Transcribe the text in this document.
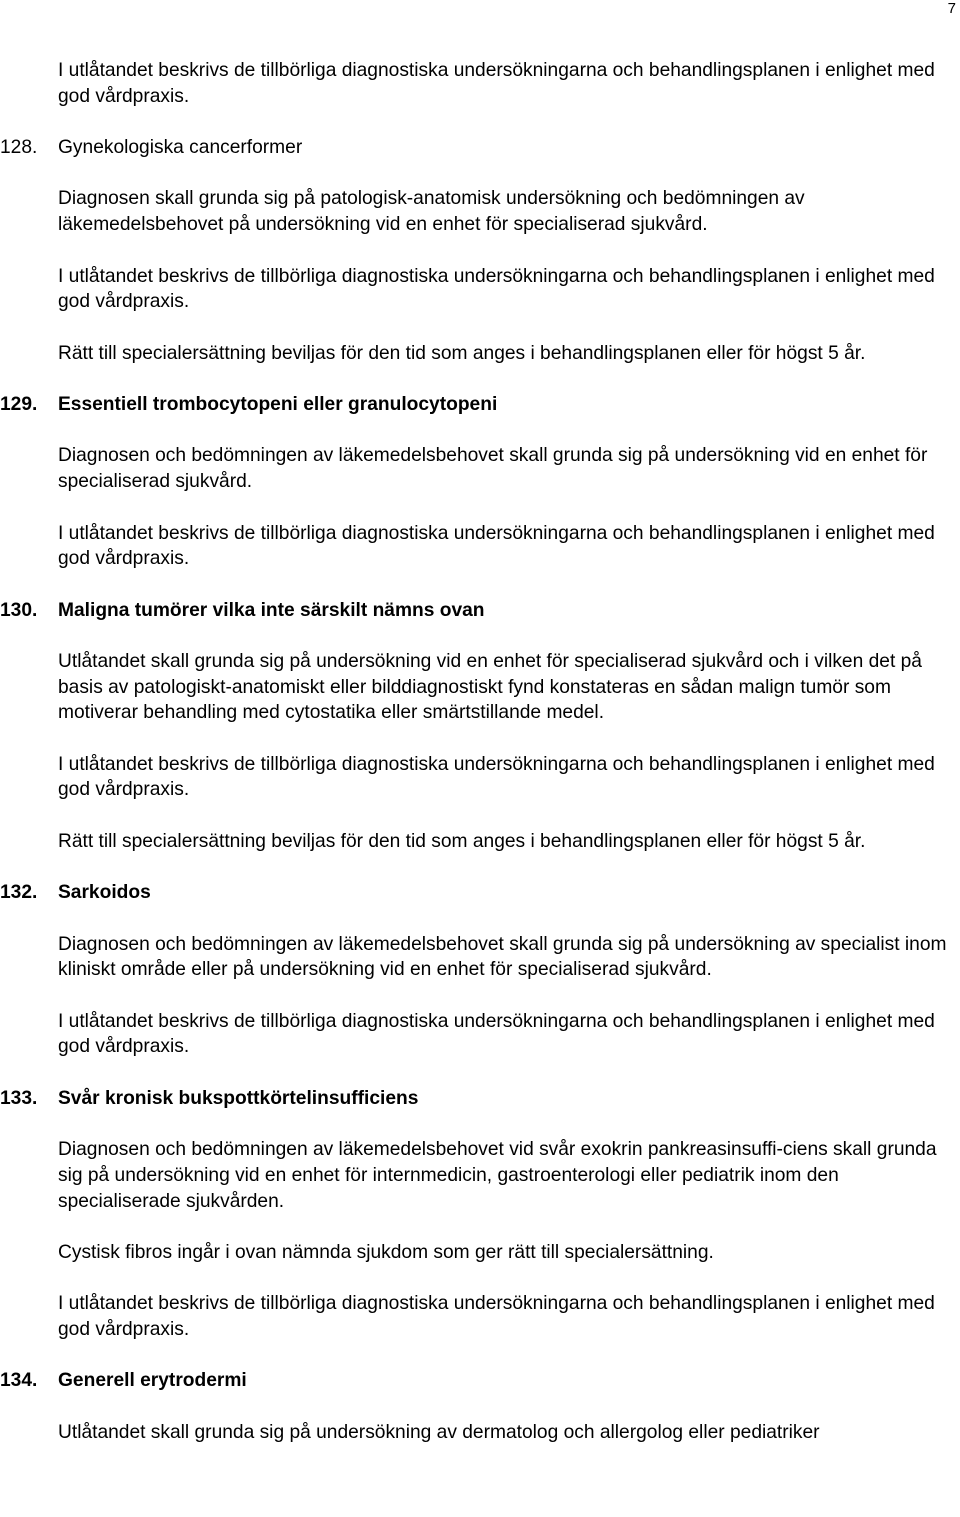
7

I utlåtandet beskrivs de tillbörliga diagnostiska undersökningarna och behandlingsplanen i enlighet med god vårdpraxis.

128. Gynekologiska cancerformer

Diagnosen skall grunda sig på patologisk-anatomisk undersökning och bedömningen av läkemedelsbehovet på undersökning vid en enhet för specialiserad sjukvård.

I utlåtandet beskrivs de tillbörliga diagnostiska undersökningarna och behandlingsplanen i enlighet med god vårdpraxis.

Rätt till specialersättning beviljas för den tid som anges i behandlingsplanen eller för högst 5 år.

129. Essentiell trombocytopeni eller granulocytopeni

Diagnosen och bedömningen av läkemedelsbehovet skall grunda sig på undersökning vid en enhet för specialiserad sjukvård.

I utlåtandet beskrivs de tillbörliga diagnostiska undersökningarna och behandlingsplanen i enlighet med god vårdpraxis.

130. Maligna tumörer vilka inte särskilt nämns ovan

Utlåtandet skall grunda sig på undersökning vid en enhet för specialiserad sjukvård och i vilken det på basis av patologiskt-anatomiskt eller bilddiagnostiskt fynd konstateras en sådan malign tumör som motiverar behandling med cytostatika eller smärtstillande medel.

I utlåtandet beskrivs de tillbörliga diagnostiska undersökningarna och behandlingsplanen i enlighet med god vårdpraxis.

Rätt till specialersättning beviljas för den tid som anges i behandlingsplanen eller för högst 5 år.

132. Sarkoidos

Diagnosen och bedömningen av läkemedelsbehovet skall grunda sig på undersökning av specialist inom kliniskt område eller på undersökning vid en enhet för specialiserad sjukvård.

I utlåtandet beskrivs de tillbörliga diagnostiska undersökningarna och behandlingsplanen i enlighet med god vårdpraxis.

133. Svår kronisk bukspottkörtelinsufficiens

Diagnosen och bedömningen av läkemedelsbehovet vid svår exokrin pankreasinsuffi-ciens skall grunda sig på undersökning vid en enhet för internmedicin, gastroenterologi eller pediatrik inom den specialiserade sjukvården.

Cystisk fibros ingår i ovan nämnda sjukdom som ger rätt till specialersättning.

I utlåtandet beskrivs de tillbörliga diagnostiska undersökningarna och behandlingsplanen i enlighet med god vårdpraxis.

134. Generell erytrodermi

Utlåtandet skall grunda sig på undersökning av dermatolog och allergolog eller pediatriker
